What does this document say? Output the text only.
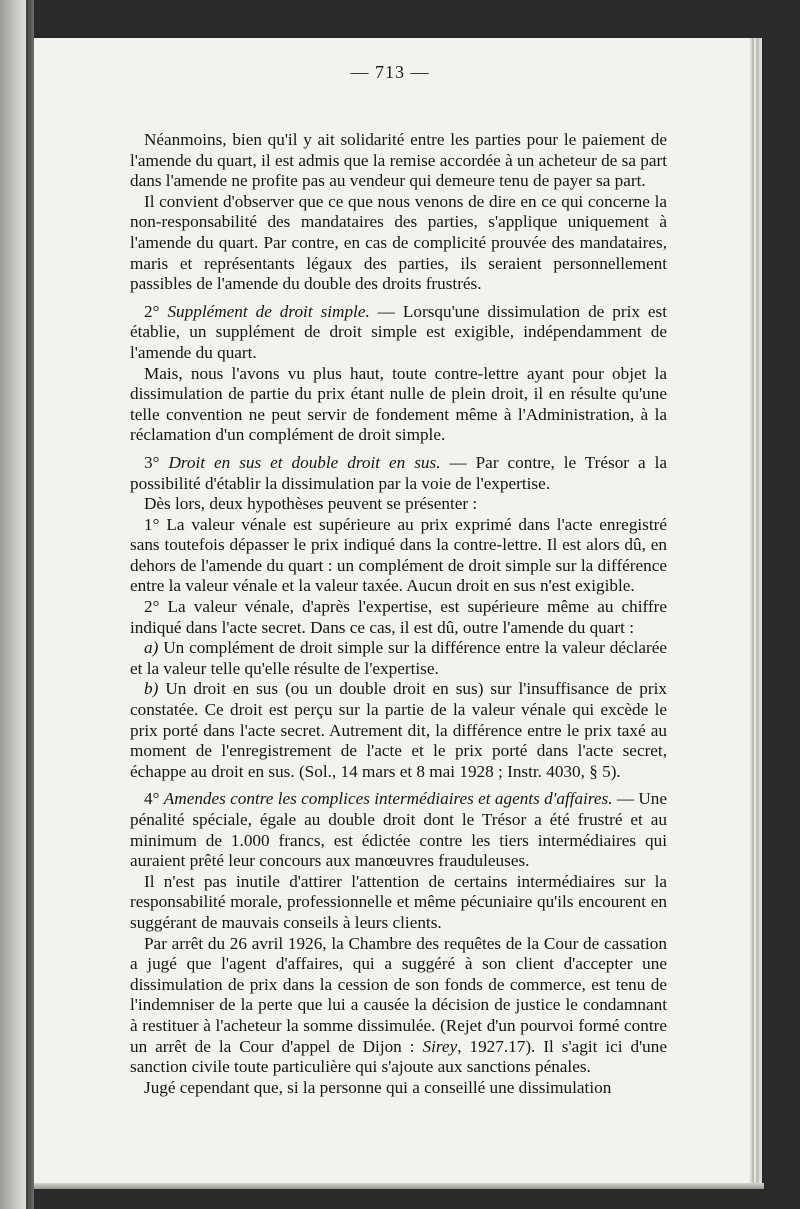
— 713 —

Néanmoins, bien qu'il y ait solidarité entre les parties pour le paiement de l'amende du quart, il est admis que la remise accordée à un acheteur de sa part dans l'amende ne profite pas au vendeur qui demeure tenu de payer sa part.

Il convient d'observer que ce que nous venons de dire en ce qui concerne la non-responsabilité des mandataires des parties, s'applique uniquement à l'amende du quart. Par contre, en cas de complicité prouvée des mandataires, maris et représentants légaux des parties, ils seraient personnellement passibles de l'amende du double des droits frustrés.

2° Supplément de droit simple. — Lorsqu'une dissimulation de prix est établie, un supplément de droit simple est exigible, indépendamment de l'amende du quart.

Mais, nous l'avons vu plus haut, toute contre-lettre ayant pour objet la dissimulation de partie du prix étant nulle de plein droit, il en résulte qu'une telle convention ne peut servir de fondement même à l'Administration, à la réclamation d'un complément de droit simple.

3° Droit en sus et double droit en sus. — Par contre, le Trésor a la possibilité d'établir la dissimulation par la voie de l'expertise.

Dès lors, deux hypothèses peuvent se présenter :

1° La valeur vénale est supérieure au prix exprimé dans l'acte enregistré sans toutefois dépasser le prix indiqué dans la contre-lettre. Il est alors dû, en dehors de l'amende du quart : un complément de droit simple sur la différence entre la valeur vénale et la valeur taxée. Aucun droit en sus n'est exigible.

2° La valeur vénale, d'après l'expertise, est supérieure même au chiffre indiqué dans l'acte secret. Dans ce cas, il est dû, outre l'amende du quart :

a) Un complément de droit simple sur la différence entre la valeur déclarée et la valeur telle qu'elle résulte de l'expertise.

b) Un droit en sus (ou un double droit en sus) sur l'insuffisance de prix constatée. Ce droit est perçu sur la partie de la valeur vénale qui excède le prix porté dans l'acte secret. Autrement dit, la différence entre le prix taxé au moment de l'enregistrement de l'acte et le prix porté dans l'acte secret, échappe au droit en sus. (Sol., 14 mars et 8 mai 1928 ; Instr. 4030, § 5).

4° Amendes contre les complices intermédiaires et agents d'affaires. — Une pénalité spéciale, égale au double droit dont le Trésor a été frustré et au minimum de 1.000 francs, est édictée contre les tiers intermédiaires qui auraient prêté leur concours aux manœuvres frauduleuses.

Il n'est pas inutile d'attirer l'attention de certains intermédiaires sur la responsabilité morale, professionnelle et même pécuniaire qu'ils encourent en suggérant de mauvais conseils à leurs clients.

Par arrêt du 26 avril 1926, la Chambre des requêtes de la Cour de cassation a jugé que l'agent d'affaires, qui a suggéré à son client d'accepter une dissimulation de prix dans la cession de son fonds de commerce, est tenu de l'indemniser de la perte que lui a causée la décision de justice le condamnant à restituer à l'acheteur la somme dissimulée. (Rejet d'un pourvoi formé contre un arrêt de la Cour d'appel de Dijon : Sirey, 1927.17). Il s'agit ici d'une sanction civile toute particulière qui s'ajoute aux sanctions pénales.

Jugé cependant que, si la personne qui a conseillé une dissimulation
